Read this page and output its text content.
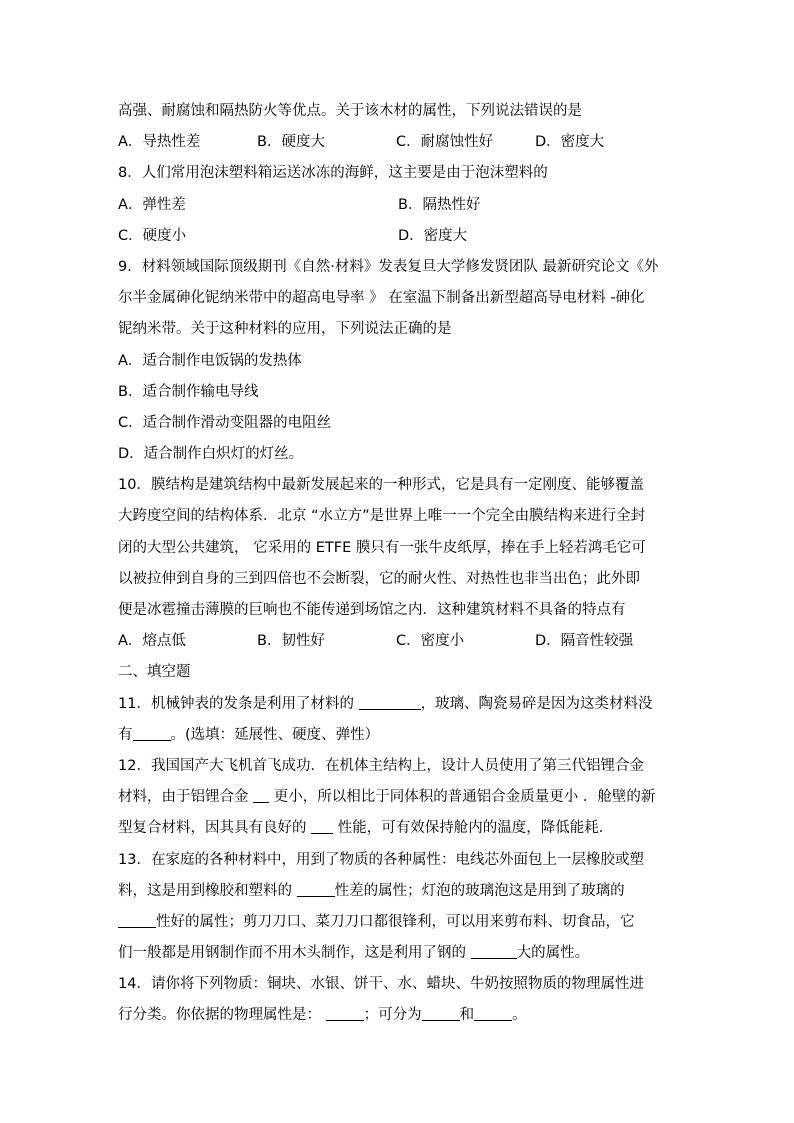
高强、耐腐蚀和隔热防火等优点。关于该木材的属性，下列说法错误的是
A．导热性差	B．硬度大	C．耐腐蚀性好	D．密度大
8．人们常用泡沫塑料箱运送冰冻的海鲜，这主要是由于泡沫塑料的
A．弹性差	B．隔热性好
C．硬度小	D．密度大
9．材料领域国际顶级期刊《自然·材料》发表复旦大学修发贤团队 最新研究论文《外
尔半金属砷化铌纳米带中的超高电导率 》 在室温下制备出新型超高导电材料 -砷化
铌纳米带。关于这种材料的应用，下列说法正确的是
A．适合制作电饭锅的发热体
B．适合制作输电导线
C．适合制作滑动变阻器的电阻丝
D．适合制作白炽灯的灯丝。
10．膜结构是建筑结构中最新发展起来的一种形式，它是具有一定刚度、能够覆盖
大跨度空间的结构体系．北京 “水立方”是世界上唯一一个完全由膜结构来进行全封
闭的大型公共建筑， 它采用的 ETFE 膜只有一张牛皮纸厚，捧在手上轻若鸿毛它可
以被拉伸到自身的三到四倍也不会断裂，它的耐火性、对热性也非当出色；此外即
便是冰雹撞击薄膜的巨响也不能传递到场馆之内．这种建筑材料不具备的特点有
A．熔点低	B．韧性好	C．密度小	D．隔音性较强
二、填空题
11．机械钟表的发条是利用了材料的	，玻璃、陶瓷易碎是因为这类材料没
有	。(选填：延展性、硬度、弹性）
12．我国国产大飞机首飞成功．在机体主结构上，设计人员使用了第三代铝锂合金
材料，由于铝锂合金 更小，所以相比于同体积的普通铝合金质量更小 ．舱壁的新
型复合材料，因其具有良好的 性能，可有效保持舱内的温度，降低能耗．
13．在家庭的各种材料中，用到了物质的各种属性：电线芯外面包上一层橡胶或塑
料，这是用到橡胶和塑料的	性差的属性；灯泡的玻璃泡这是用到了玻璃的
性好的属性；剪刀刀口、菜刀刀口都很锋利，可以用来剪布料、切食品，它
们一般都是用钢制作而不用木头制作，这是利用了钢的	大的属性。
14．请你将下列物质：铜块、水银、饼干、水、蜡块、牛奶按照物质的物理属性进
行分类。你依据的物理属性是：	；可分为	和	。
